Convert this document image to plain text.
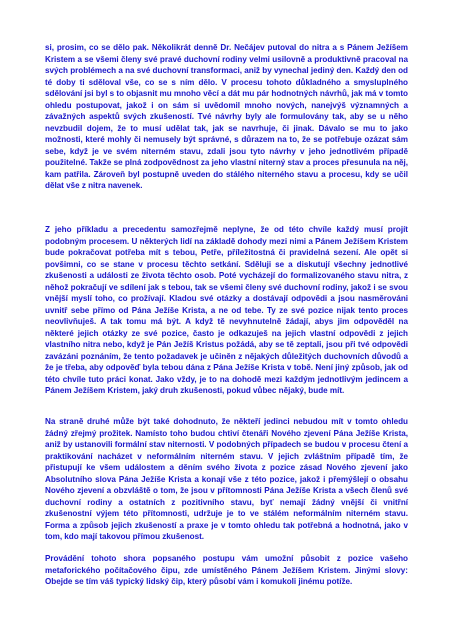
si, prosim, co se dělo pak. Několikrát denně Dr. Nečájev putoval do nitra a s Pánem Ježíšem Kristem a se všemi členy své pravé duchovní rodiny velmi usilovně a produktivně pracoval na svých problémech a na své duchovní transformaci, aniž by vynechal jediný den. Každý den od té doby ti sděloval vše, co se s ním dělo. V procesu tohoto důkladného a smysluplného sdělování jsi byl s to objasnit mu mnoho věcí a dát mu pár hodnotných návrhů, jak má v tomto ohledu postupovat, jakož i on sám si uvědomil mnoho nových, nanejvýš významných a závažných aspektů svých zkušeností. Tvé návrhy byly ale formulovány tak, aby se u něho nevzbudil dojem, že to musí udělat tak, jak se navrhuje, či jinak. Dávalo se mu to jako možnosti, které mohly či nemusely být správné, s důrazem na to, že se potřebuje ozázat sám sebe, když je ve svém niterném stavu, zdali jsou tyto návrhy v jeho jednotlivém případě použitelné. Takže se plná zodpovědnost za jeho vlastní niterný stav a proces přesunula na něj, kam patřila. Zároveň byl postupně uveden do stálého niterného stavu a procesu, kdy se učil dělat vše z nitra navenek.

Z jeho příkladu a precedentu samozřejmě neplyne, že od této chvíle každý musí projít podobným procesem. U některých lidí na základě dohody mezi nimi a Pánem Ježíšem Kristem bude pokračovat potřeba mít s tebou, Petře, příležitostná či pravidelná sezení. Ale opět si povšimni, co se stane v procesu těchto setkání. Sděluji se a diskutují všechny jednotlivé zkušenosti a události ze života těchto osob. Poté vycházejí do formalizovaného stavu nitra, z něhož pokračují ve sdílení jak s tebou, tak se všemi členy své duchovní rodiny, jakož i se svou vnější myslí toho, co prožívají. Kladou své otázky a dostávají odpovědi a jsou nasměrováni uvnitř sebe přímo od Pána Ježíše Krista, a ne od tebe. Ty ze své pozice nijak tento proces neovlivňuješ. A tak tomu má být. A když tě nevyhnutelně žádají, abys jim odpověděl na některé jejich otázky ze své pozice, často je odkazuješ na jejich vlastní odpovědi z jejich vlastního nitra nebo, když je Pán Ježíš Kristus požádá, aby se tě zeptali, jsou při tvé odpovědi zavázáni poznáním, že tento požadavek je učiněn z nějakých důležitých duchovních důvodů a že je třeba, aby odpověď byla tebou dána z Pána Ježíše Krista v tobě. Není jiný způsob, jak od této chvíle tuto práci konat. Jako vždy, je to na dohodě mezi každým jednotlivým jedincem a Pánem Ježíšem Kristem, jaký druh zkušenosti, pokud vůbec nějaký, bude mít.

Na straně druhé může být také dohodnuto, že někteří jedinci nebudou mít v tomto ohledu žádný zřejmý prožitek. Namísto toho budou chtiví čtenáři Nového zjevení Pána Ježíše Krista, aniž by ustanovili formální stav niternosti. V podobných případech se budou v procesu čtení a praktikování nacházet v neformálním niterném stavu. V jejich zvláštním případě tím, že přistupují ke všem událostem a děním svého života z pozice zásad Nového zjevení jako Absolutního slova Pána Ježíše Krista a konají vše z této pozice, jakož i přemýšlejí o obsahu Nového zjevení a obzvláště o tom, že jsou v přítomnosti Pána Ježíše Krista a všech členů své duchovní rodiny a ostatních z pozitivního stavu, byť nemají žádný vnější či vnitřní zkušenostní výjem této přítomnosti, udržuje je to ve stálém neformálním niterném stavu. Forma a způsob jejich zkušeností a praxe je v tomto ohledu tak potřebná a hodnotná, jako v tom, kdo mají takovou přímou zkušenost.

Provádění tohoto shora popsaného postupu vám umožní působit z pozice vašeho metaforického počítačového čipu, zde umístěného Pánem Ježíšem Kristem. Jinými slovy: Obejde se tím váš typický lidský čip, který působí vám i komukoli jinému potíže.
